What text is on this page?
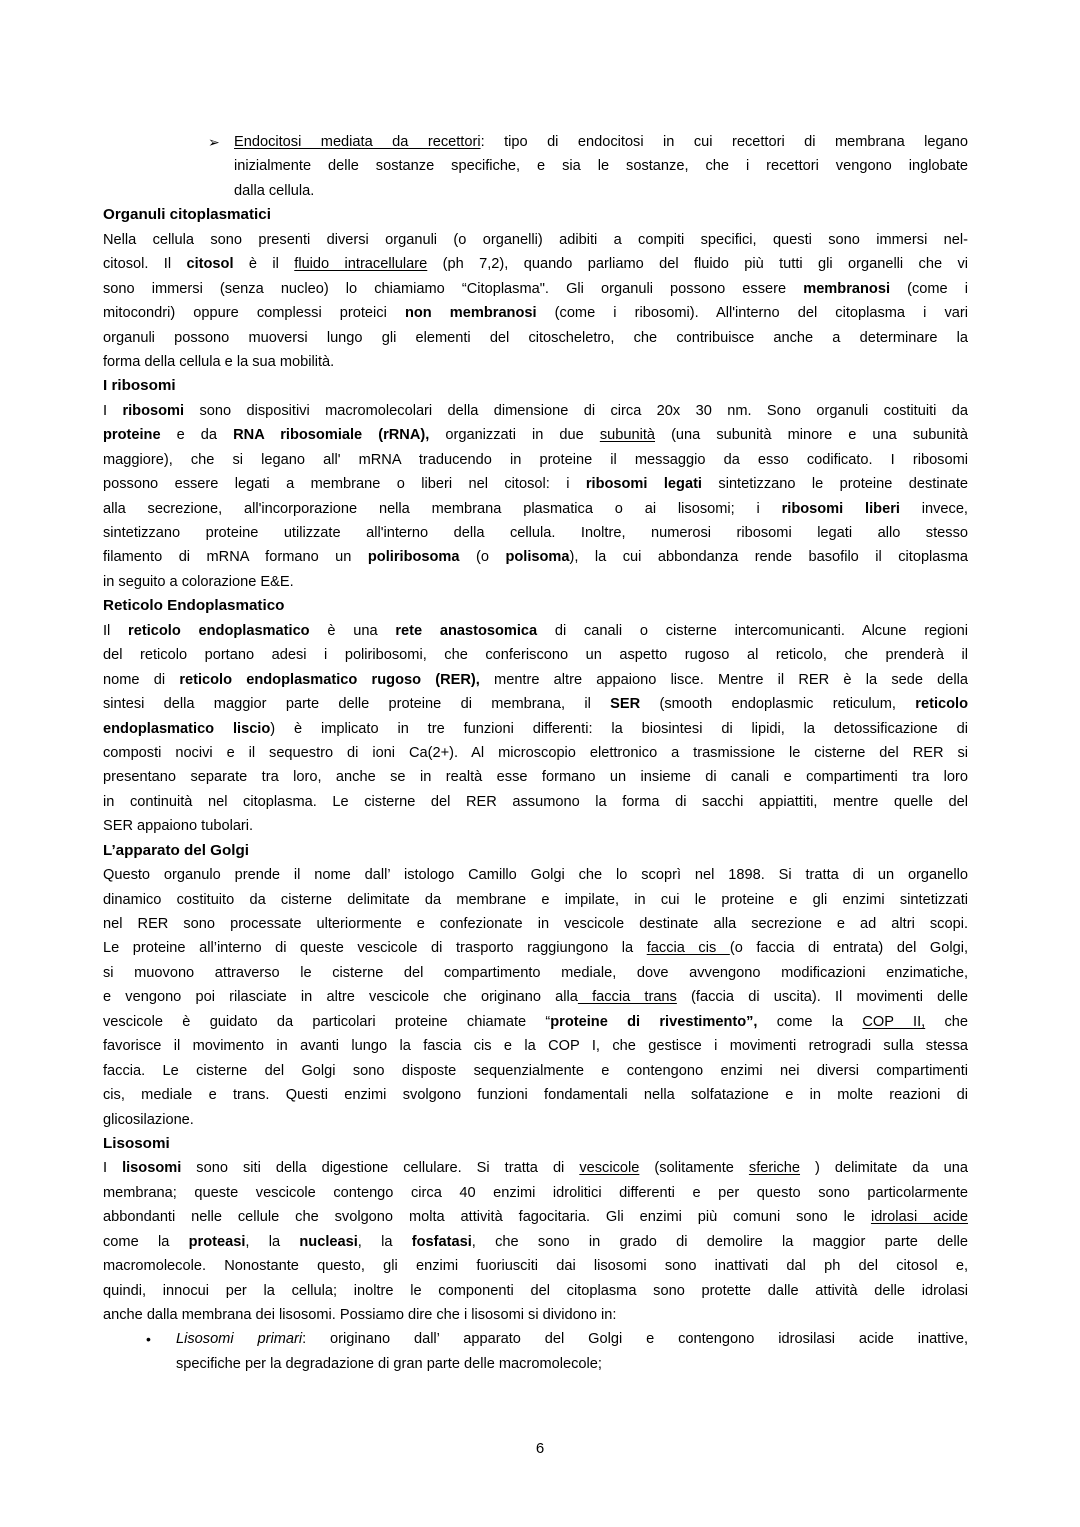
➢ Endocitosi mediata da recettori: tipo di endocitosi in cui recettori di membrana legano
inizialmente delle sostanze specifiche, e sia le sostanze, che i recettori vengono inglobate
dalla cellula.
Organuli citoplasmatici
Nella cellula sono presenti diversi organuli (o organelli) adibiti a compiti specifici, questi sono immersi nel-
citosol. Il citosol è il fluido intracellulare (ph 7,2), quando parliamo del fluido più tutti gli organelli che vi
sono immersi (senza nucleo) lo chiamiamo “Citoplasma". Gli organuli possono essere membranosi (come i
mitocondri) oppure complessi proteici non membranosi (come i ribosomi). All'interno del citoplasma i vari
organuli possono muoversi lungo gli elementi del citoscheletro, che contribuisce anche a determinare la
forma della cellula e la sua mobilità.
I ribosomi
I ribosomi sono dispositivi macromolecolari della dimensione di circa 20x 30 nm. Sono organuli costituiti da
proteine e da RNA ribosomiale (rRNA), organizzati in due subunità (una subunità minore e una subunità
maggiore), che si legano all' mRNA traducendo in proteine il messaggio da esso codificato. I ribosomi
possono essere legati a membrane o liberi nel citosol: i ribosomi legati sintetizzano le proteine destinate
alla secrezione, all'incorporazione nella membrana plasmatica o ai lisosomi; i ribosomi liberi invece,
sintetizzano proteine utilizzate all'interno della cellula. Inoltre, numerosi ribosomi legati allo stesso
filamento di mRNA formano un poliribosoma (o polisoma), la cui abbondanza rende basofilo il citoplasma
in seguito a colorazione E&E.
Reticolo Endoplasmatico
Il reticolo endoplasmatico è una rete anastosomica di canali o cisterne intercomunicanti. Alcune regioni
del reticolo portano adesi i poliribosomi, che conferiscono un aspetto rugoso al reticolo, che prenderà il
nome di reticolo endoplasmatico rugoso (RER), mentre altre appaiono lisce. Mentre il RER è la sede della
sintesi della maggior parte delle proteine di membrana, il SER (smooth endoplasmic reticulum, reticolo
endoplasmatico liscio) è implicato in tre funzioni differenti: la biosintesi di lipidi, la detossificazione di
composti nocivi e il sequestro di ioni Ca(2+). Al microscopio elettronico a trasmissione le cisterne del RER si
presentano separate tra loro, anche se in realtà esse formano un insieme di canali e compartimenti tra loro
in continuità nel citoplasma. Le cisterne del RER assumono la forma di sacchi appiattiti, mentre quelle del
SER appaiono tubolari.
L’apparato del Golgi
Questo organulo prende il nome dall’ istologo Camillo Golgi che lo scoprì nel 1898. Si tratta di un organello
dinamico costituito da cisterne delimitate da membrane e impilate, in cui le proteine e gli enzimi sintetizzati
nel RER sono processate ulteriormente e confezionate in vescicole destinate alla secrezione e ad altri scopi.
Le proteine all’interno di queste vescicole di trasporto raggiungono la faccia cis (o faccia di entrata) del Golgi,
si muovono attraverso le cisterne del compartimento mediale, dove avvengono modificazioni enzimatiche,
e vengono poi rilasciate in altre vescicole che originano alla faccia trans (faccia di uscita). Il movimenti delle
vescicole è guidato da particolari proteine chiamate “proteine di rivestimento”, come la COP II, che
favorisce il movimento in avanti lungo la fascia cis e la COP I, che gestisce i movimenti retrogradi sulla stessa
faccia. Le cisterne del Golgi sono disposte sequenzialmente e contengono enzimi nei diversi compartimenti
cis, mediale e trans. Questi enzimi svolgono funzioni fondamentali nella solfatazione e in molte reazioni di
glicosilazione.
Lisosomi
I lisosomi sono siti della digestione cellulare. Si tratta di vescicole (solitamente sferiche ) delimitate da una
membrana; queste vescicole contengo circa 40 enzimi idrolitici differenti e per questo sono particolarmente
abbondanti nelle cellule che svolgono molta attività fagocitaria. Gli enzimi più comuni sono le idrolasi acide
come la proteasi, la nucleasi, la fosfatasi, che sono in grado di demolire la maggior parte delle
macromolecole. Nonostante questo, gli enzimi fuoriusciti dai lisosomi sono inattivati dal ph del citosol e,
quindi, innocui per la cellula; inoltre le componenti del citoplasma sono protette dalle attività delle idrolasi
anche dalla membrana dei lisosomi. Possiamo dire che i lisosomi si dividono in:
• Lisosomi primari: originano dall’ apparato del Golgi e contengono idrosilasi acide inattive,
specifiche per la degradazione di gran parte delle macromolecole;
6
